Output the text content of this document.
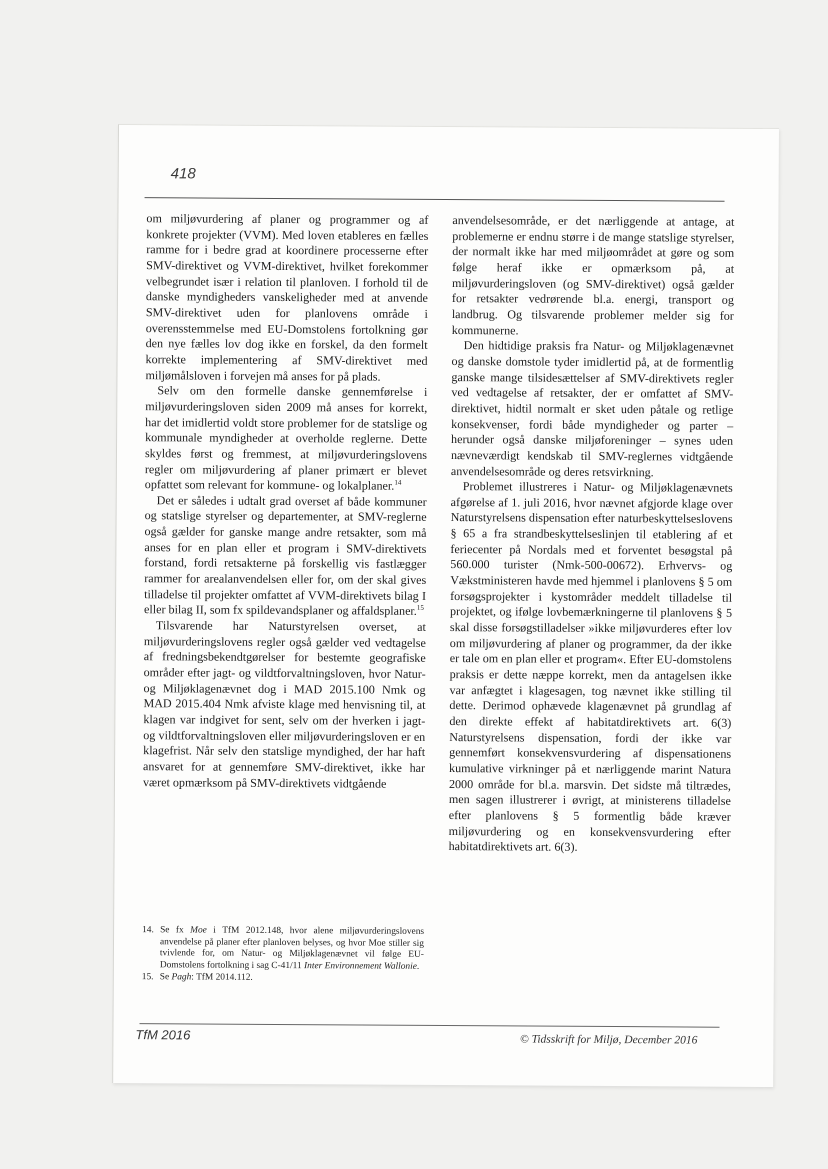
418

om miljøvurdering af planer og programmer og af konkrete projekter (VVM). Med loven etableres en fælles ramme for i bedre grad at koordinere processerne efter SMV-direktivet og VVM-direktivet, hvilket forekommer velbegrundet især i relation til planloven. I forhold til de danske myndigheders vanskeligheder med at anvende SMV-direktivet uden for planlovens område i overensstemmelse med EU-Domstolens fortolkning gør den nye fælles lov dog ikke en forskel, da den formelt korrekte implementering af SMV-direktivet med miljømålsloven i forvejen må anses for på plads.

Selv om den formelle danske gennemførelse i miljøvurderingsloven siden 2009 må anses for korrekt, har det imidlertid voldt store problemer for de statslige og kommunale myndigheder at overholde reglerne. Dette skyldes først og fremmest, at miljøvurderingslovens regler om miljøvurdering af planer primært er blevet opfattet som relevant for kommune- og lokalplaner.$^{14}$

Det er således i udtalt grad overset af både kommuner og statslige styrelser og departementer, at SMV-reglerne også gælder for ganske mange andre retsakter, som må anses for en plan eller et program i SMV-direktivets forstand, fordi retsakterne på forskellig vis fastlægger rammer for arealanvendelsen eller for, om der skal gives tilladelse til projekter omfattet af VVM-direktivets bilag I eller bilag II, som fx spildevandsplaner og affaldsplaner.$^{15}$

Tilsvarende har Naturstyrelsen overset, at miljøvurderingslovens regler også gælder ved vedtagelse af fredningsbekendtgørelser for bestemte geografiske områder efter jagt- og vildtforvaltningsloven, hvor Natur- og Miljøklagenævnet dog i MAD 2015.100 Nmk og MAD 2015.404 Nmk afviste klage med henvisning til, at klagen var indgivet for sent, selv om der hverken i jagt- og vildtforvaltningsloven eller miljøvurderingsloven er en klagefrist. Når selv den statslige myndighed, der har haft ansvaret for at gennemføre SMV-direktivet, ikke har været opmærksom på SMV-direktivets vidtgående

anvendelsesområde, er det nærliggende at antage, at problemerne er endnu større i de mange statslige styrelser, der normalt ikke har med miljøområdet at gøre og som følge heraf ikke er opmærksom på, at miljøvurderingsloven (og SMV-direktivet) også gælder for retsakter vedrørende bl.a. energi, transport og landbrug. Og tilsvarende problemer melder sig for kommunerne.

Den hidtidige praksis fra Natur- og Miljøklagenævnet og danske domstole tyder imidlertid på, at de formentlig ganske mange tilsidesættelser af SMV-direktivets regler ved vedtagelse af retsakter, der er omfattet af SMV-direktivet, hidtil normalt er sket uden påtale og retlige konsekvenser, fordi både myndigheder og parter – herunder også danske miljøforeninger – synes uden nævneværdigt kendskab til SMV-reglernes vidtgående anvendelsesområde og deres retsvirkning.

Problemet illustreres i Natur- og Miljøklagenævnets afgørelse af 1. juli 2016, hvor nævnet afgjorde klage over Naturstyrelsens dispensation efter naturbeskyttelseslovens § 65 a fra strandbeskyttelseslinjen til etablering af et feriecenter på Nordals med et forventet besøgstal på 560.000 turister (Nmk-500-00672). Erhvervs- og Vækstministeren havde med hjemmel i planlovens § 5 om forsøgsprojekter i kystområder meddelt tilladelse til projektet, og ifølge lovbemærkningerne til planlovens § 5 skal disse forsøgstilladelser »ikke miljøvurderes efter lov om miljøvurdering af planer og programmer, da der ikke er tale om en plan eller et program«. Efter EU-domstolens praksis er dette næppe korrekt, men da antagelsen ikke var anfægtet i klagesagen, tog nævnet ikke stilling til dette. Derimod ophævede klagenævnet på grundlag af den direkte effekt af habitatdirektivets art. 6(3) Naturstyrelsens dispensation, fordi der ikke var gennemført konsekvensvurdering af dispensationens kumulative virkninger på et nærliggende marint Natura 2000 område for bl.a. marsvin. Det sidste må tiltrædes, men sagen illustrerer i øvrigt, at ministerens tilladelse efter planlovens § 5 formentlig både kræver miljøvurdering og en konsekvensvurdering efter habitatdirektivets art. 6(3).

14. Se fx Moe i TfM 2012.148, hvor alene miljøvurderingslovens anvendelse på planer efter planloven belyses, og hvor Moe stiller sig tvivlende for, om Natur- og Miljøklagenævnet vil følge EU-Domstolens fortolkning i sag C-41/11 Inter Environnement Wallonie.
15. Se Pagh: TfM 2014.112.
TfM 2016	© Tidsskrift for Miljø, December 2016
